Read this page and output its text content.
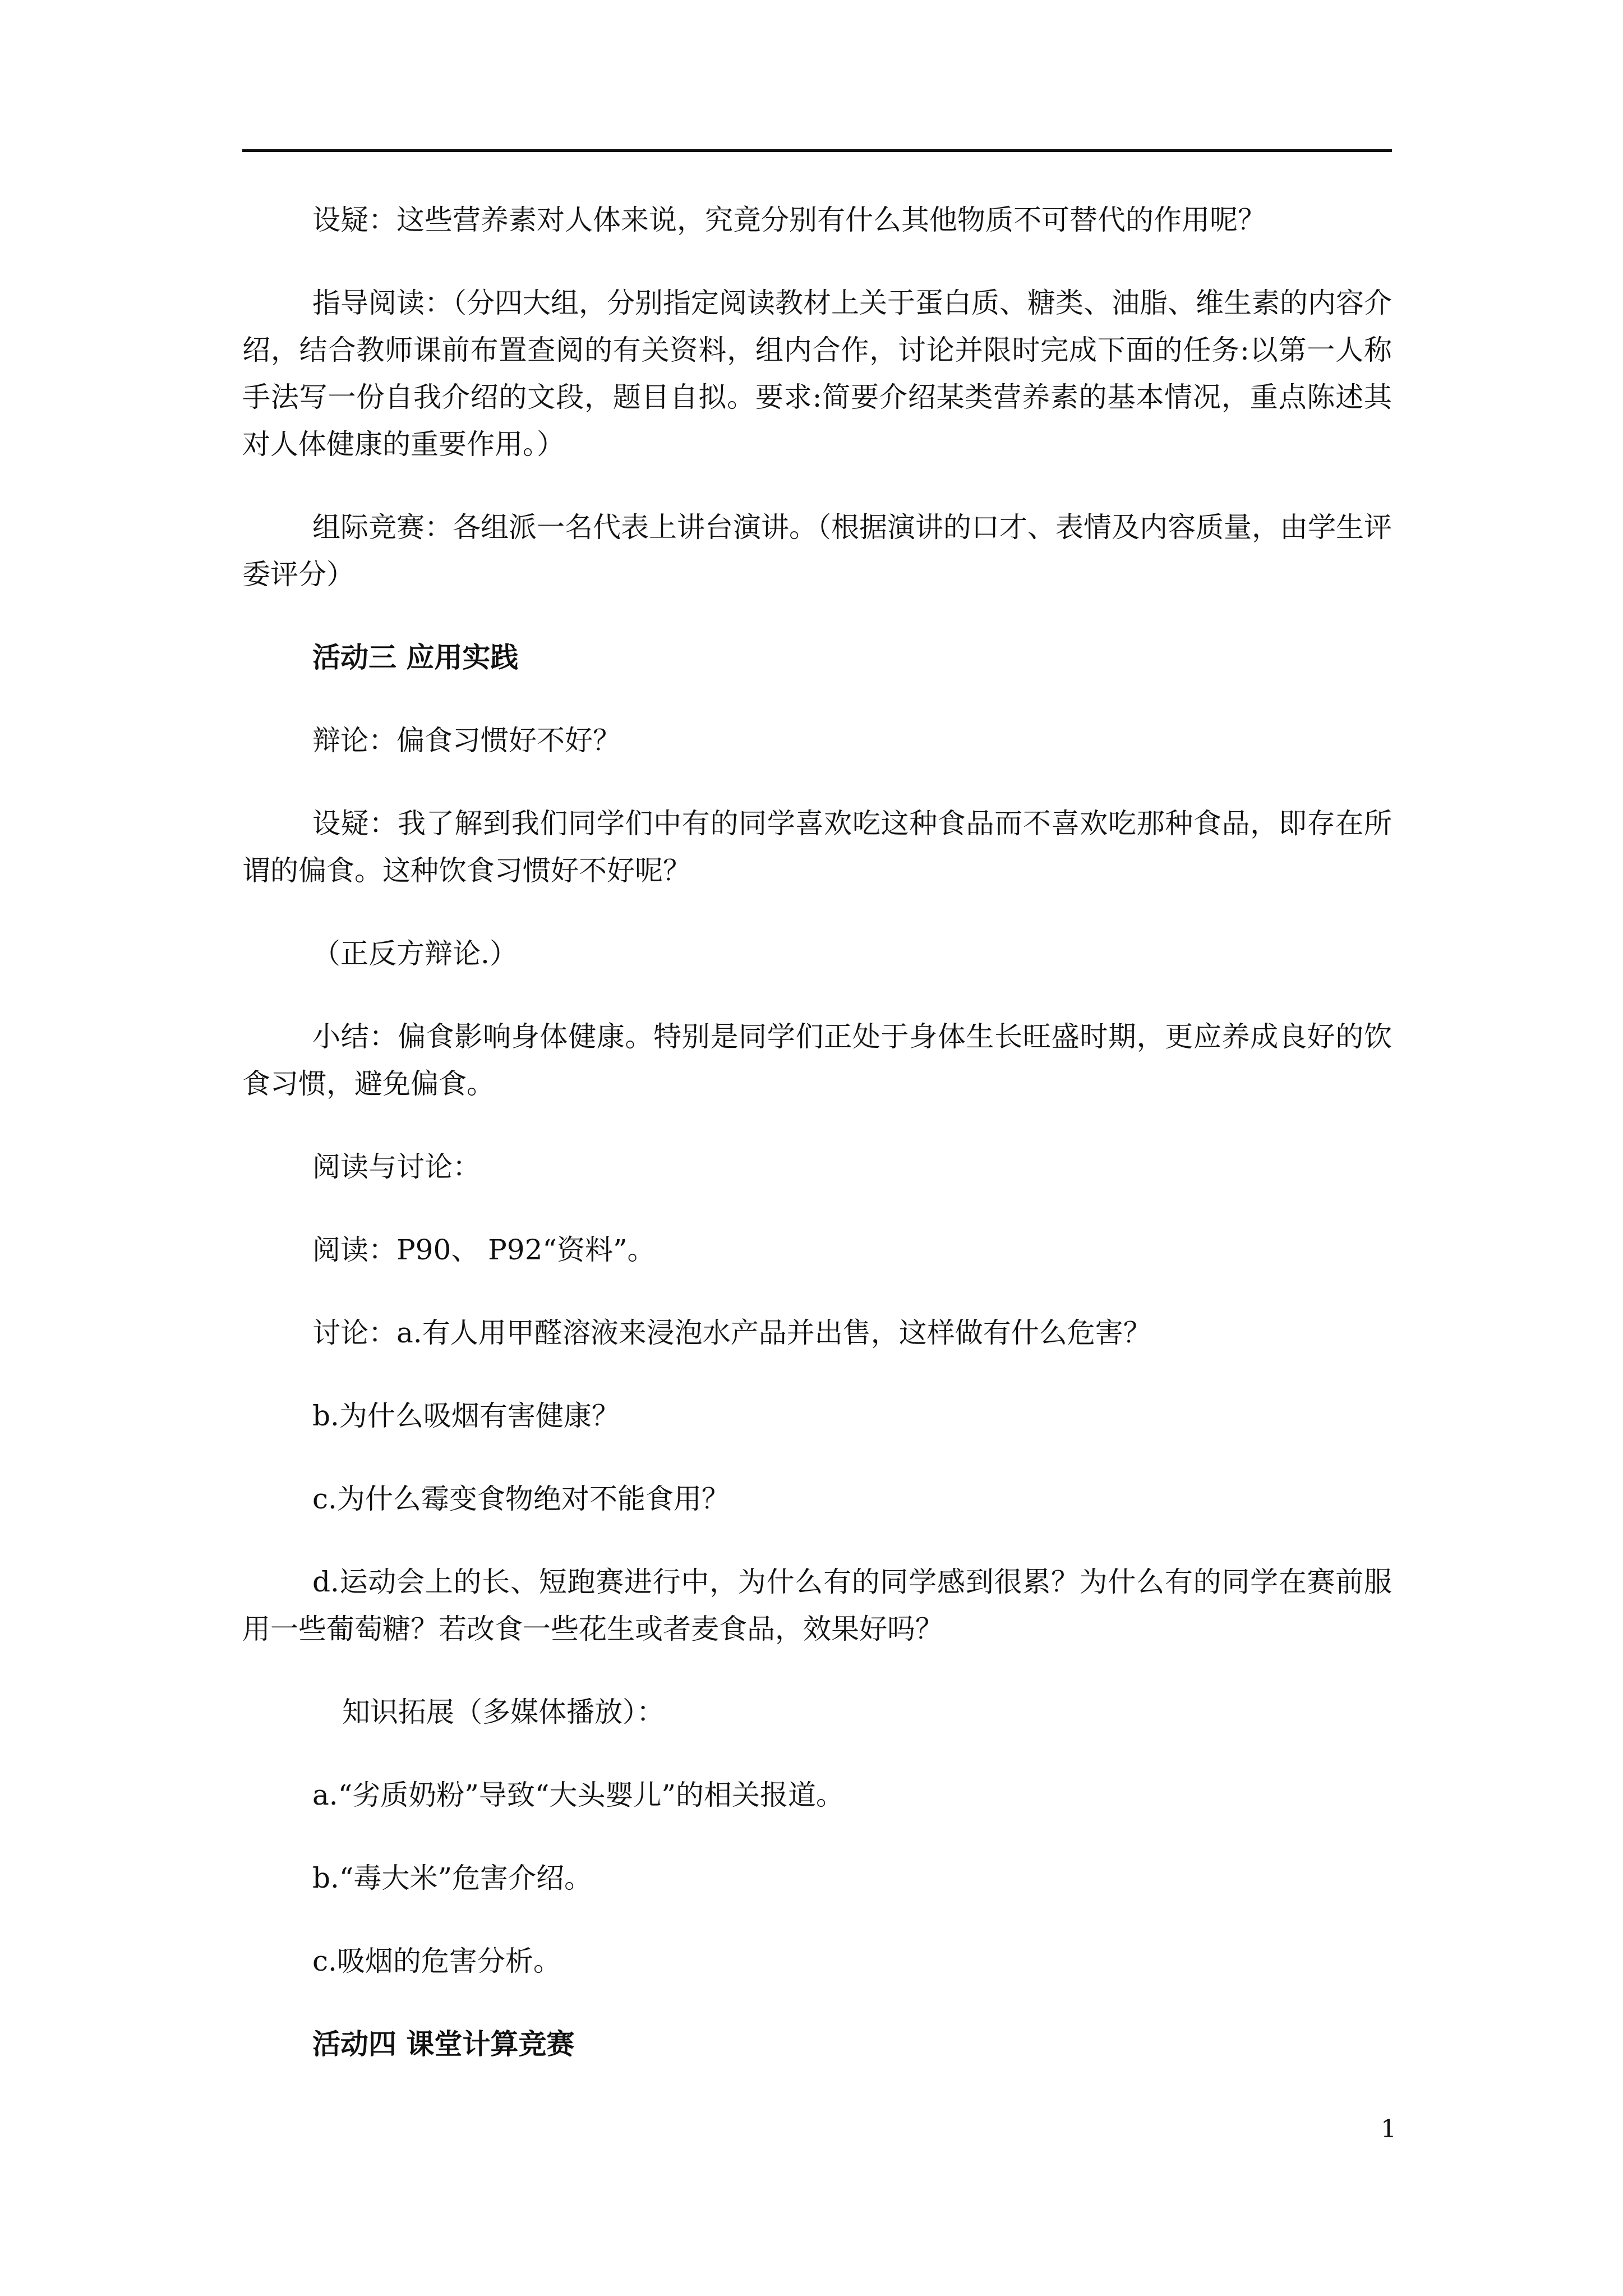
设疑：这些营养素对人体来说，究竟分别有什么其他物质不可替代的作用呢？

指导阅读：（分四大组，分别指定阅读教材上关于蛋白质、糖类、油脂、维生素的内容介绍，结合教师课前布置查阅的有关资料，组内合作，讨论并限时完成下面的任务:以第一人称手法写一份自我介绍的文段，题目自拟。要求:简要介绍某类营养素的基本情况，重点陈述其对人体健康的重要作用。）

组际竞赛：各组派一名代表上讲台演讲。（根据演讲的口才、表情及内容质量，由学生评委评分）

活动三 应用实践

辩论：偏食习惯好不好？

设疑：我了解到我们同学们中有的同学喜欢吃这种食品而不喜欢吃那种食品，即存在所谓的偏食。这种饮食习惯好不好呢？

（正反方辩论.）

小结：偏食影响身体健康。特别是同学们正处于身体生长旺盛时期，更应养成良好的饮食习惯，避免偏食。

阅读与讨论：

阅读：P90、 P92“资料”。

讨论：a.有人用甲醛溶液来浸泡水产品并出售，这样做有什么危害？

b.为什么吸烟有害健康？

c.为什么霉变食物绝对不能食用？

d.运动会上的长、短跑赛进行中，为什么有的同学感到很累？为什么有的同学在赛前服用一些葡萄糖？若改食一些花生或者麦食品，效果好吗？

知识拓展（多媒体播放）：

a.“劣质奶粉”导致“大头婴儿”的相关报道。

b.“毒大米”危害介绍。

c.吸烟的危害分析。

活动四 课堂计算竞赛

1
